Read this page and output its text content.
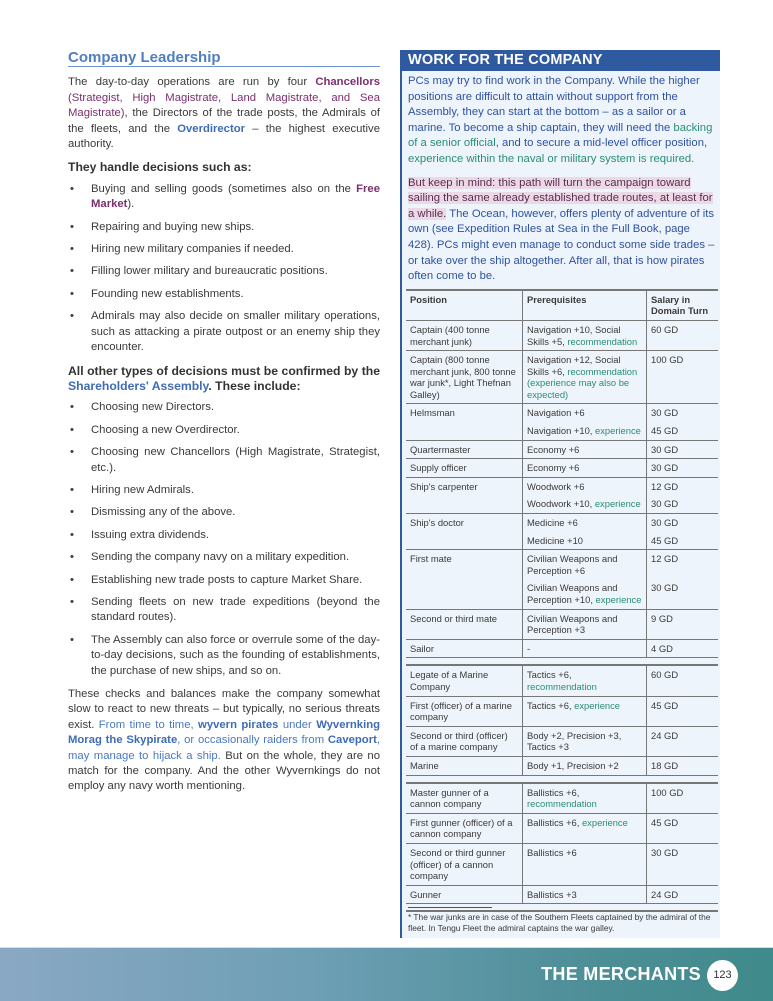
Company Leadership

The day-to-day operations are run by four Chancellors (Strategist, High Magistrate, Land Magistrate, and Sea Magistrate), the Directors of the trade posts, the Admirals of the fleets, and the Overdirector – the highest executive authority.

They handle decisions such as:
• Buying and selling goods (sometimes also on the Free Market).
• Repairing and buying new ships.
• Hiring new military companies if needed.
• Filling lower military and bureaucratic positions.
• Founding new establishments.
• Admirals may also decide on smaller military operations, such as attacking a pirate outpost or an enemy ship they encounter.
All other types of decisions must be confirmed by the Shareholders' Assembly. These include:
• Choosing new Directors.
• Choosing a new Overdirector.
• Choosing new Chancellors (High Magistrate, Strategist, etc.).
• Hiring new Admirals.
• Dismissing any of the above.
• Issuing extra dividends.
• Sending the company navy on a military expedition.
• Establishing new trade posts to capture Market Share.
• Sending fleets on new trade expeditions (beyond the standard routes).
• The Assembly can also force or overrule some of the day-to-day decisions, such as the founding of establishments, the purchase of new ships, and so on.

These checks and balances make the company somewhat slow to react to new threats – but typically, no serious threats exist. From time to time, wyvern pirates under Wyvernking Morag the Skypirate, or occasionally raiders from Caveport, may manage to hijack a ship. But on the whole, they are no match for the company. And the other Wyvernkings do not employ any navy worth mentioning.

WORK FOR THE COMPANY
PCs may try to find work in the Company. While the higher positions are difficult to attain without support from the Assembly, they can start at the bottom – as a sailor or a marine. To become a ship captain, they will need the backing of a senior official, and to secure a mid-level officer position, experience within the naval or military system is required.
But keep in mind: this path will turn the campaign toward sailing the same already established trade routes, at least for a while. The Ocean, however, offers plenty of adventure of its own (see Expedition Rules at Sea in the Full Book, page 428). PCs might even manage to conduct some side trades – or take over the ship altogether. After all, that is how pirates often come to be.
Position	Prerequisites	Salary in Domain Turn
Captain (400 tonne merchant junk)	Navigation +10, Social Skills +5, recommendation	60 GD
Captain (800 tonne merchant junk, 800 tonne war junk*, Light Thefnan Galley)	Navigation +12, Social Skills +6, recommendation (experience may also be expected)	100 GD
Helmsman	Navigation +6	30 GD
	Navigation +10, experience	45 GD
Quartermaster	Economy +6	30 GD
Supply officer	Economy +6	30 GD
Ship's carpenter	Woodwork +6	12 GD
	Woodwork +10, experience	30 GD
Ship's doctor	Medicine +6	30 GD
	Medicine +10	45 GD
First mate	Civilian Weapons and Perception +6	12 GD
	Civilian Weapons and Perception +10, experience	30 GD
Second or third mate	Civilian Weapons and Perception +3	9 GD
Sailor	-	4 GD

Legate of a Marine Company	Tactics +6, recommendation	60 GD
First (officer) of a marine company	Tactics +6, experience	45 GD
Second or third (officer) of a marine company	Body +2, Precision +3, Tactics +3	24 GD
Marine	Body +1, Precision +2	18 GD

Master gunner of a cannon company	Ballistics +6, recommendation	100 GD
First gunner (officer) of a cannon company	Ballistics +6, experience	45 GD
Second or third gunner (officer) of a cannon company	Ballistics +6	30 GD
Gunner	Ballistics +3	24 GD

* The war junks are in case of the Southern Fleets captained by the admiral of the fleet. In Tengu Fleet the admiral captains the war galley.
THE MERCHANTS	123
